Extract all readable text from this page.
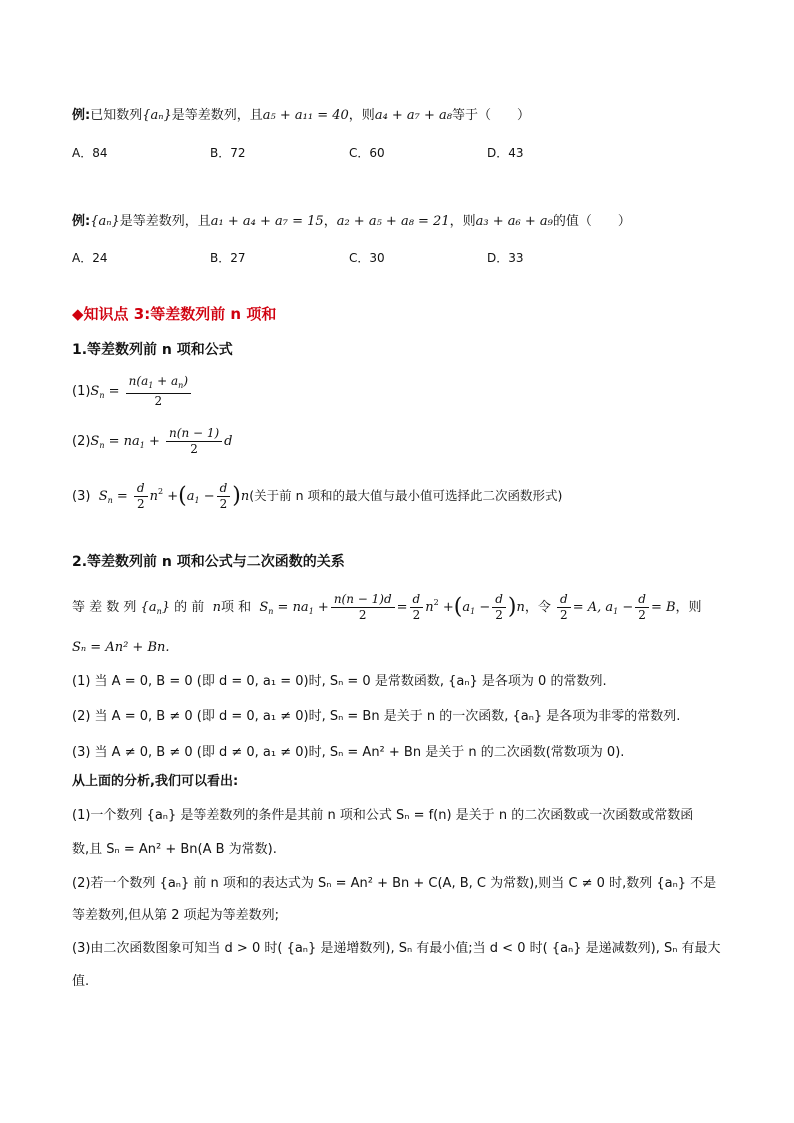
例:已知数列{aₙ}是等差数列，且a₅ + a₁₁ = 40，则a₄ + a₇ + a₈等于（　　）
A．84	B．72	C．60	D．43
例:{aₙ}是等差数列，且a₁ + a₄ + a₇ = 15，a₂ + a₅ + a₈ = 21，则a₃ + a₆ + a₉的值（　　）
A．24	B．27	C．30	D．33
◆知识点 3:等差数列前 n 项和
1.等差数列前 n 项和公式
$(1)S_n = \frac{n(a_1 + a_n)}{2}$
$(2)S_n = na_1 + \frac{n(n - 1)}{2}$ d
(3) $S_n = \frac{d}{2} n^2 +(a_1 - \frac{d}{2} )n$(关于前 n 项和的最大值与最小值可选择此二次函数形式)
2.等差数列前 n 项和公式与二次函数的关系
等 差 数 列 $\{a_n\}$ 的 前 n项 和 $S_n = na_1 + \frac{n(n - 1)d}{2} = \frac{d}{2} n^2 +(a_1 - \frac{d}{2} )n$，令 $\frac{d}{2} = A$, $a_1 - \frac{d}{2} = B$，则
Sₙ = An² + Bn.
(1) 当 A = 0, B = 0 (即 d = 0, a₁ = 0)时, Sₙ = 0 是常数函数, {aₙ} 是各项为 0 的常数列.
(2) 当 A = 0, B ≠ 0 (即 d = 0, a₁ ≠ 0)时, Sₙ = Bn 是关于 n 的一次函数, {aₙ} 是各项为非零的常数列.
(3) 当 A ≠ 0, B ≠ 0 (即 d ≠ 0, a₁ ≠ 0)时, Sₙ = An² + Bn 是关于 n 的二次函数(常数项为 0).
从上面的分析,我们可以看出:
(1)一个数列 {aₙ} 是等差数列的条件是其前 n 项和公式 Sₙ = f(n) 是关于 n 的二次函数或一次函数或常数函
数,且 Sₙ = An² + Bn(A B 为常数).
(2)若一个数列 {aₙ} 前 n 项和的表达式为 Sₙ = An² + Bn + C(A, B, C 为常数),则当 C ≠ 0 时,数列 {aₙ} 不是
等差数列,但从第 2 项起为等差数列;
(3)由二次函数图象可知当 d > 0 时( {aₙ} 是递增数列), Sₙ 有最小值;当 d < 0 时( {aₙ} 是递减数列), Sₙ 有最大
值.
